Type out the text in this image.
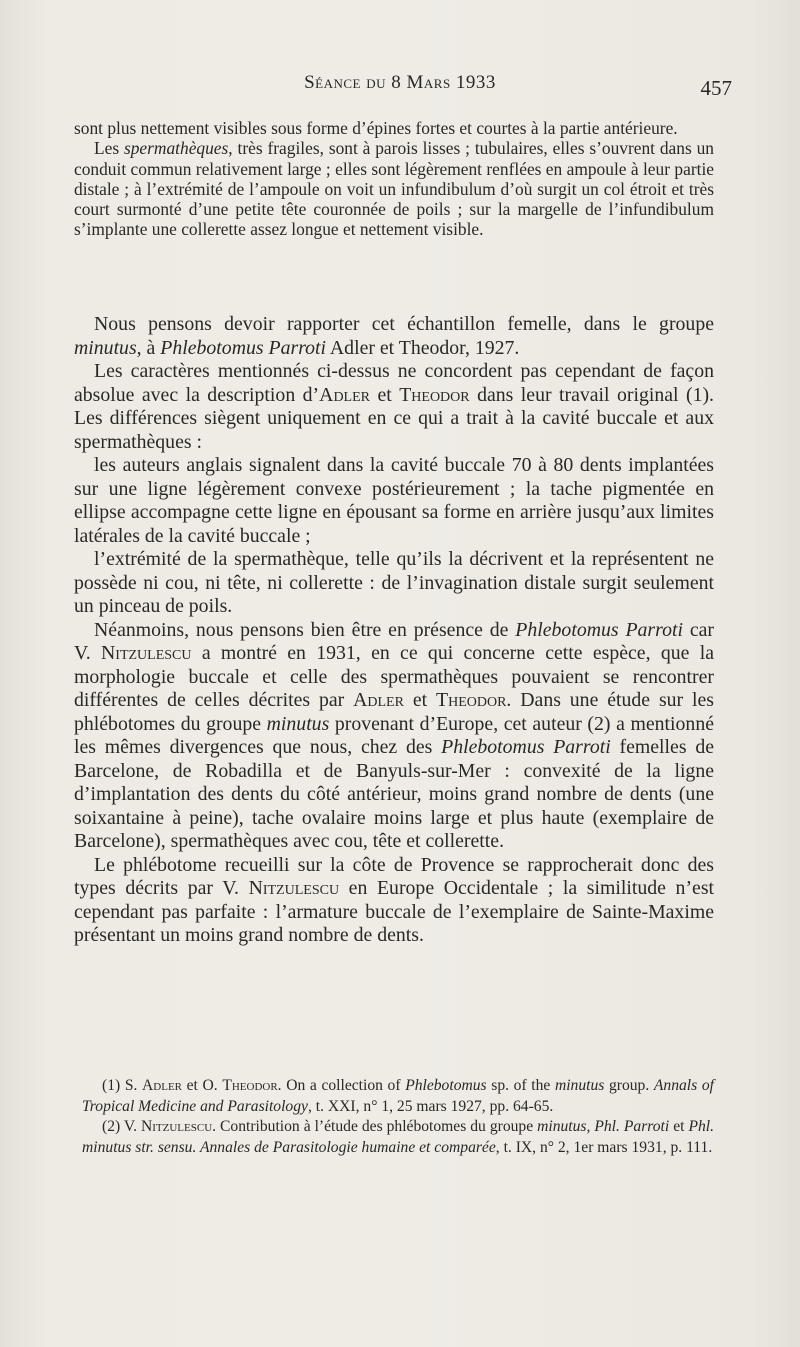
Séance du 8 Mars 1933	457

sont plus nettement visibles sous forme d’épines fortes et courtes à la partie antérieure.

Les spermathèques, très fragiles, sont à parois lisses ; tubulaires, elles s’ouvrent dans un conduit commun relativement large ; elles sont légèrement renflées en ampoule à leur partie distale ; à l’extrémité de l’ampoule on voit un infundibulum d’où surgit un col étroit et très court surmonté d’une petite tête couronnée de poils ; sur la margelle de l’infundibulum s’implante une collerette assez longue et nettement visible.

Nous pensons devoir rapporter cet échantillon femelle, dans le groupe minutus, à Phlebotomus Parroti Adler et Theodor, 1927.

Les caractères mentionnés ci-dessus ne concordent pas cependant de façon absolue avec la description d’Adler et Theodor dans leur travail original (1). Les différences siègent uniquement en ce qui a trait à la cavité buccale et aux spermathèques :

les auteurs anglais signalent dans la cavité buccale 70 à 80 dents implantées sur une ligne légèrement convexe postérieurement ; la tache pigmentée en ellipse accompagne cette ligne en épousant sa forme en arrière jusqu’aux limites latérales de la cavité buccale ;

l’extrémité de la spermathèque, telle qu’ils la décrivent et la représentent ne possède ni cou, ni tête, ni collerette : de l’invagination distale surgit seulement un pinceau de poils.

Néanmoins, nous pensons bien être en présence de Phlebotomus Parroti car V. Nitzulescu a montré en 1931, en ce qui concerne cette espèce, que la morphologie buccale et celle des spermathèques pouvaient se rencontrer différentes de celles décrites par Adler et Theodor. Dans une étude sur les phlébotomes du groupe minutus provenant d’Europe, cet auteur (2) a mentionné les mêmes divergences que nous, chez des Phlebotomus Parroti femelles de Barcelone, de Robadilla et de Banyuls-sur-Mer : convexité de la ligne d’implantation des dents du côté antérieur, moins grand nombre de dents (une soixantaine à peine), tache ovalaire moins large et plus haute (exemplaire de Barcelone), spermathèques avec cou, tête et collerette.

Le phlébotome recueilli sur la côte de Provence se rapprocherait donc des types décrits par V. Nitzulescu en Europe Occidentale ; la similitude n’est cependant pas parfaite : l’armature buccale de l’exemplaire de Sainte-Maxime présentant un moins grand nombre de dents.

(1) S. Adler et O. Theodor. On a collection of Phlebotomus sp. of the minutus group. Annals of Tropical Medicine and Parasitology, t. XXI, n° 1, 25 mars 1927, pp. 64-65.

(2) V. Nitzulescu. Contribution à l’étude des phlébotomes du groupe minutus, Phl. Parroti et Phl. minutus str. sensu. Annales de Parasitologie humaine et comparée, t. IX, n° 2, 1er mars 1931, p. 111.
